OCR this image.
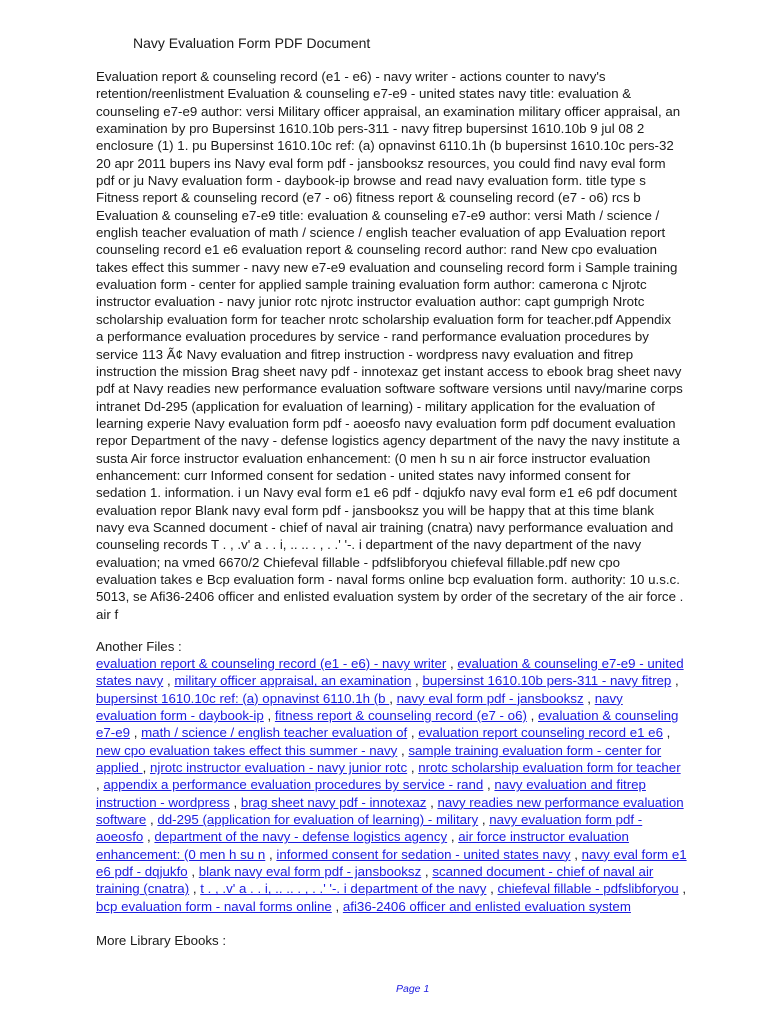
Navy Evaluation Form PDF Document
Evaluation report & counseling record (e1 - e6) - navy writer - actions counter to navy's
retention/reenlistment Evaluation & counseling e7-e9 - united states navy title: evaluation &
counseling e7-e9 author: versi Military officer appraisal, an examination military officer appraisal, an
examination by pro Bupersinst 1610.10b pers-311 - navy fitrep bupersinst 1610.10b 9 jul 08 2
enclosure (1) 1. pu Bupersinst 1610.10c ref: (a) opnavinst 6110.1h (b bupersinst 1610.10c pers-32
20 apr 2011 bupers ins Navy eval form pdf - jansbooksz resources, you could find navy eval form
pdf or ju Navy evaluation form - daybook-ip browse and read navy evaluation form. title type s
Fitness report & counseling record (e7 - o6) fitness report & counseling record (e7 - o6) rcs b
Evaluation & counseling e7-e9 title: evaluation & counseling e7-e9 author: versi Math / science /
english teacher evaluation of math / science / english teacher evaluation of app Evaluation report
counseling record e1 e6 evaluation report & counseling record author: rand New cpo evaluation
takes effect this summer - navy new e7-e9 evaluation and counseling record form i Sample training
evaluation form - center for applied sample training evaluation form author: camerona c Njrotc
instructor evaluation - navy junior rotc njrotc instructor evaluation author: capt gumprigh Nrotc
scholarship evaluation form for teacher nrotc scholarship evaluation form for teacher.pdf Appendix
a performance evaluation procedures by service - rand performance evaluation procedures by
service 113 Ã¢ Navy evaluation and fitrep instruction - wordpress navy evaluation and fitrep
instruction the mission Brag sheet navy pdf - innotexaz get instant access to ebook brag sheet navy
pdf at Navy readies new performance evaluation software software versions until navy/marine corps
intranet Dd-295 (application for evaluation of learning) - military application for the evaluation of
learning experie Navy evaluation form pdf - aoeosfo navy evaluation form pdf document evaluation
repor Department of the navy - defense logistics agency department of the navy the navy institute a
susta Air force instructor evaluation enhancement: (0 men h su n air force instructor evaluation
enhancement: curr Informed consent for sedation - united states navy informed consent for
sedation 1. information. i un Navy eval form e1 e6 pdf - dqjukfo navy eval form e1 e6 pdf document
evaluation repor Blank navy eval form pdf - jansbooksz you will be happy that at this time blank
navy eva Scanned document - chief of naval air training (cnatra) navy performance evaluation and
counseling records T . , .v' a . . i, .. .. . , . .' '-. i department of the navy department of the navy
evaluation; na vmed 6670/2 Chiefeval fillable - pdfslibforyou chiefeval fillable.pdf new cpo
evaluation takes e Bcp evaluation form - naval forms online bcp evaluation form. authority: 10 u.s.c.
5013, se Afi36-2406 officer and enlisted evaluation system by order of the secretary of the air force .
air f
Another Files :
evaluation report & counseling record (e1 - e6) - navy writer , evaluation & counseling e7-e9 - united
states navy , military officer appraisal, an examination , bupersinst 1610.10b pers-311 - navy fitrep ,
bupersinst 1610.10c ref: (a) opnavinst 6110.1h (b , navy eval form pdf - jansbooksz , navy
evaluation form - daybook-ip , fitness report & counseling record (e7 - o6) , evaluation & counseling
e7-e9 , math / science / english teacher evaluation of , evaluation report counseling record e1 e6 ,
new cpo evaluation takes effect this summer - navy , sample training evaluation form - center for
applied , njrotc instructor evaluation - navy junior rotc , nrotc scholarship evaluation form for teacher
, appendix a performance evaluation procedures by service - rand , navy evaluation and fitrep
instruction - wordpress , brag sheet navy pdf - innotexaz , navy readies new performance evaluation
software , dd-295 (application for evaluation of learning) - military , navy evaluation form pdf -
aoeosfo , department of the navy - defense logistics agency , air force instructor evaluation
enhancement: (0 men h su n , informed consent for sedation - united states navy , navy eval form e1
e6 pdf - dqjukfo , blank navy eval form pdf - jansbooksz , scanned document - chief of naval air
training (cnatra) , t . , .v' a . . i, .. .. . , . .' '-. i department of the navy , chiefeval fillable - pdfslibforyou ,
bcp evaluation form - naval forms online , afi36-2406 officer and enlisted evaluation system
More Library Ebooks :
Page 1
